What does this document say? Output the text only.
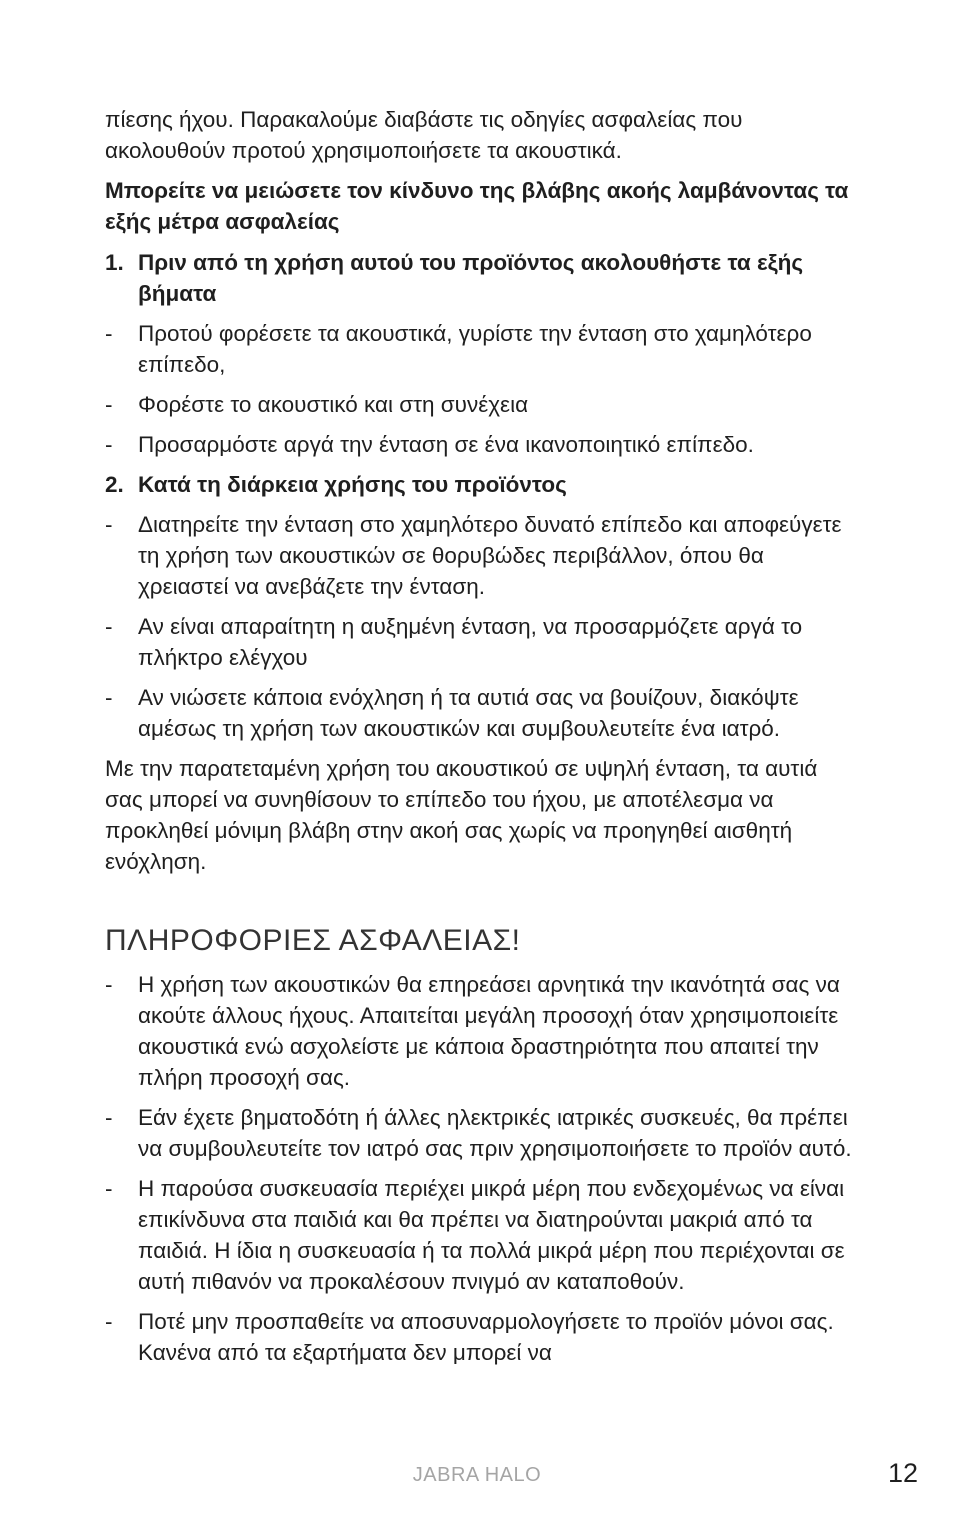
πίεσης ήχου. Παρακαλούμε διαβάστε τις οδηγίες ασφαλείας που ακολουθούν προτού χρησιμοποιήσετε τα ακουστικά.

Μπορείτε να μειώσετε τον κίνδυνο της βλάβης ακοής λαμβάνοντας τα εξής μέτρα ασφαλείας

1. Πριν από τη χρήση αυτού του προϊόντος ακολουθήστε τα εξής βήματα
-	Προτού φορέσετε τα ακουστικά, γυρίστε την ένταση στο χαμηλότερο επίπεδο,
-	Φορέστε το ακουστικό και στη συνέχεια
-	Προσαρμόστε αργά την ένταση σε ένα ικανοποιητικό επίπεδο.
2. Κατά τη διάρκεια χρήσης του προϊόντος
-	Διατηρείτε την ένταση στο χαμηλότερο δυνατό επίπεδο και αποφεύγετε τη χρήση των ακουστικών σε θορυβώδες περιβάλλον, όπου θα χρειαστεί να ανεβάζετε την ένταση.
-	Αν είναι απαραίτητη η αυξημένη ένταση, να προσαρμόζετε αργά το πλήκτρο ελέγχου
-	Αν νιώσετε κάποια ενόχληση ή τα αυτιά σας να βουίζουν, διακόψτε αμέσως τη χρήση των ακουστικών και συμβουλευτείτε ένα ιατρό.

Με την παρατεταμένη χρήση του ακουστικού σε υψηλή ένταση, τα αυτιά σας μπορεί να συνηθίσουν το επίπεδο του ήχου, με αποτέλεσμα να προκληθεί μόνιμη βλάβη στην ακοή σας χωρίς να προηγηθεί αισθητή ενόχληση.

ΠΛΗΡΟΦΟΡΙΕΣ ΑΣΦΑΛΕΙΑΣ!
-	Η χρήση των ακουστικών θα επηρεάσει αρνητικά την ικανότητά σας να ακούτε άλλους ήχους. Απαιτείται μεγάλη προσοχή όταν χρησιμοποιείτε ακουστικά ενώ ασχολείστε με κάποια δραστηριότητα που απαιτεί την πλήρη προσοχή σας.
-	Εάν έχετε βηματοδότη ή άλλες ηλεκτρικές ιατρικές συσκευές, θα πρέπει να συμβουλευτείτε τον ιατρό σας πριν χρησιμοποιήσετε το προϊόν αυτό.
-	Η παρούσα συσκευασία περιέχει μικρά μέρη που ενδεχομένως να είναι επικίνδυνα στα παιδιά και θα πρέπει να διατηρούνται μακριά από τα παιδιά. Η ίδια η συσκευασία ή τα πολλά μικρά μέρη που περιέχονται σε αυτή πιθανόν να προκαλέσουν πνιγμό αν καταποθούν.
-	Ποτέ μην προσπαθείτε να αποσυναρμολογήσετε το προϊόν μόνοι σας. Κανένα από τα εξαρτήματα δεν μπορεί να
JABRA HALO	12
